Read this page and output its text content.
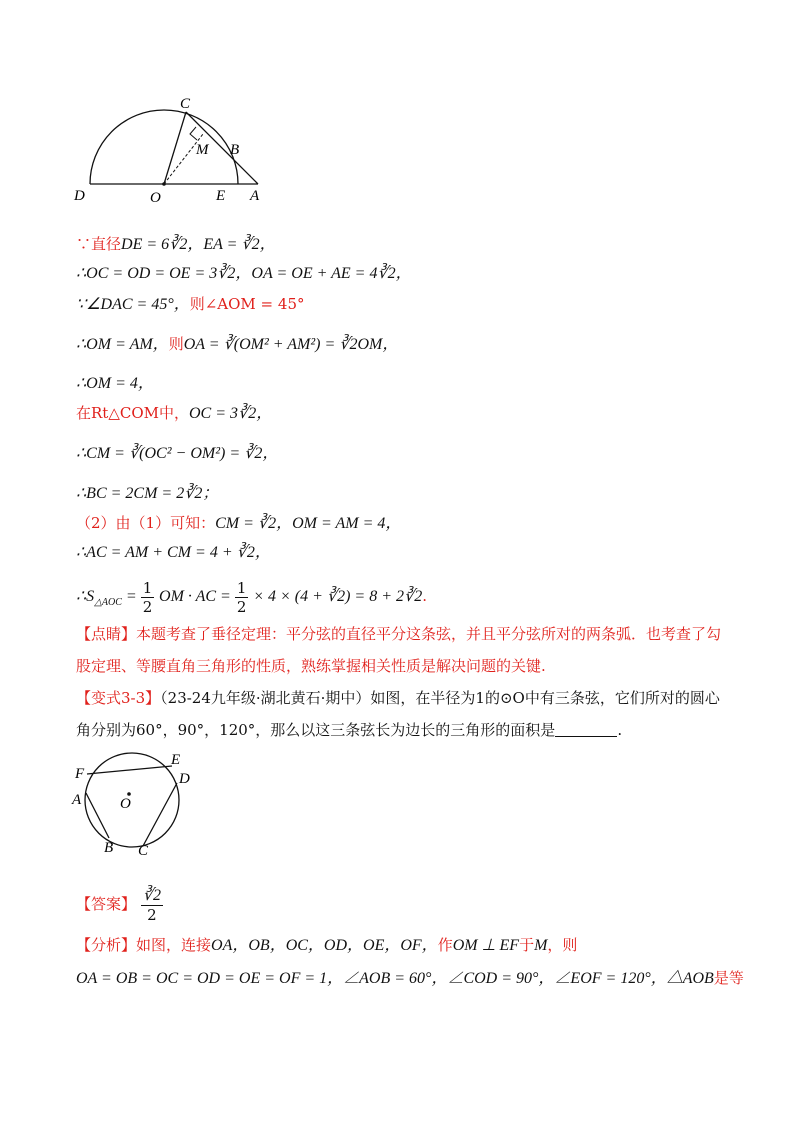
C
M B
D	O	E A
∵直径DE = 6∛2，EA = ∛2，
∴OC = OD = OE = 3∛2，OA = OE + AE = 4∛2，
∵∠DAC = 45°，则∠AOM = 45°
∴OM = AM，则OA = ∛(OM² + AM²) = ∛2OM，
∴OM = 4，
在Rt△COM中，OC = 3∛2，
∴CM = ∛(OC² − OM²) = ∛2，
∴BC = 2CM = 2∛2；
（2）由（1）可知：CM = ∛2，OM = AM = 4，
∴AC = AM + CM = 4 + ∛2，
$\therefore S_{\triangle AOC} = \frac{1}{2}$ OM · AC = $\frac{1}{2} \times 4 \times (4$ + ∛2) = 8 + 2∛2.
【点睛】本题考查了垂径定理：平分弦的直径平分这条弦，并且平分弦所对的两条弧．也考查了勾股定理、等腰直角三角形的性质，熟练掌握相关性质是解决问题的关键.
【变式3-3】（23-24九年级·湖北黄石·期中）如图，在半径为1的⊙O中有三条弦，它们所对的圆心角分别为60°，90°，120°，那么以这三条弦长为边长的三角形的面积是	.
F
E
D
A	O
B C
【答案】 $\frac{∛2}{2}$
【分析】如图，连接OA，OB，OC，OD，OE，OF，作OM ⊥ EF于M，则
OA = OB = OC = OD = OE = OF = 1，∠AOB = 60°，∠COD = 90°，∠EOF = 120°，△AOB是等
